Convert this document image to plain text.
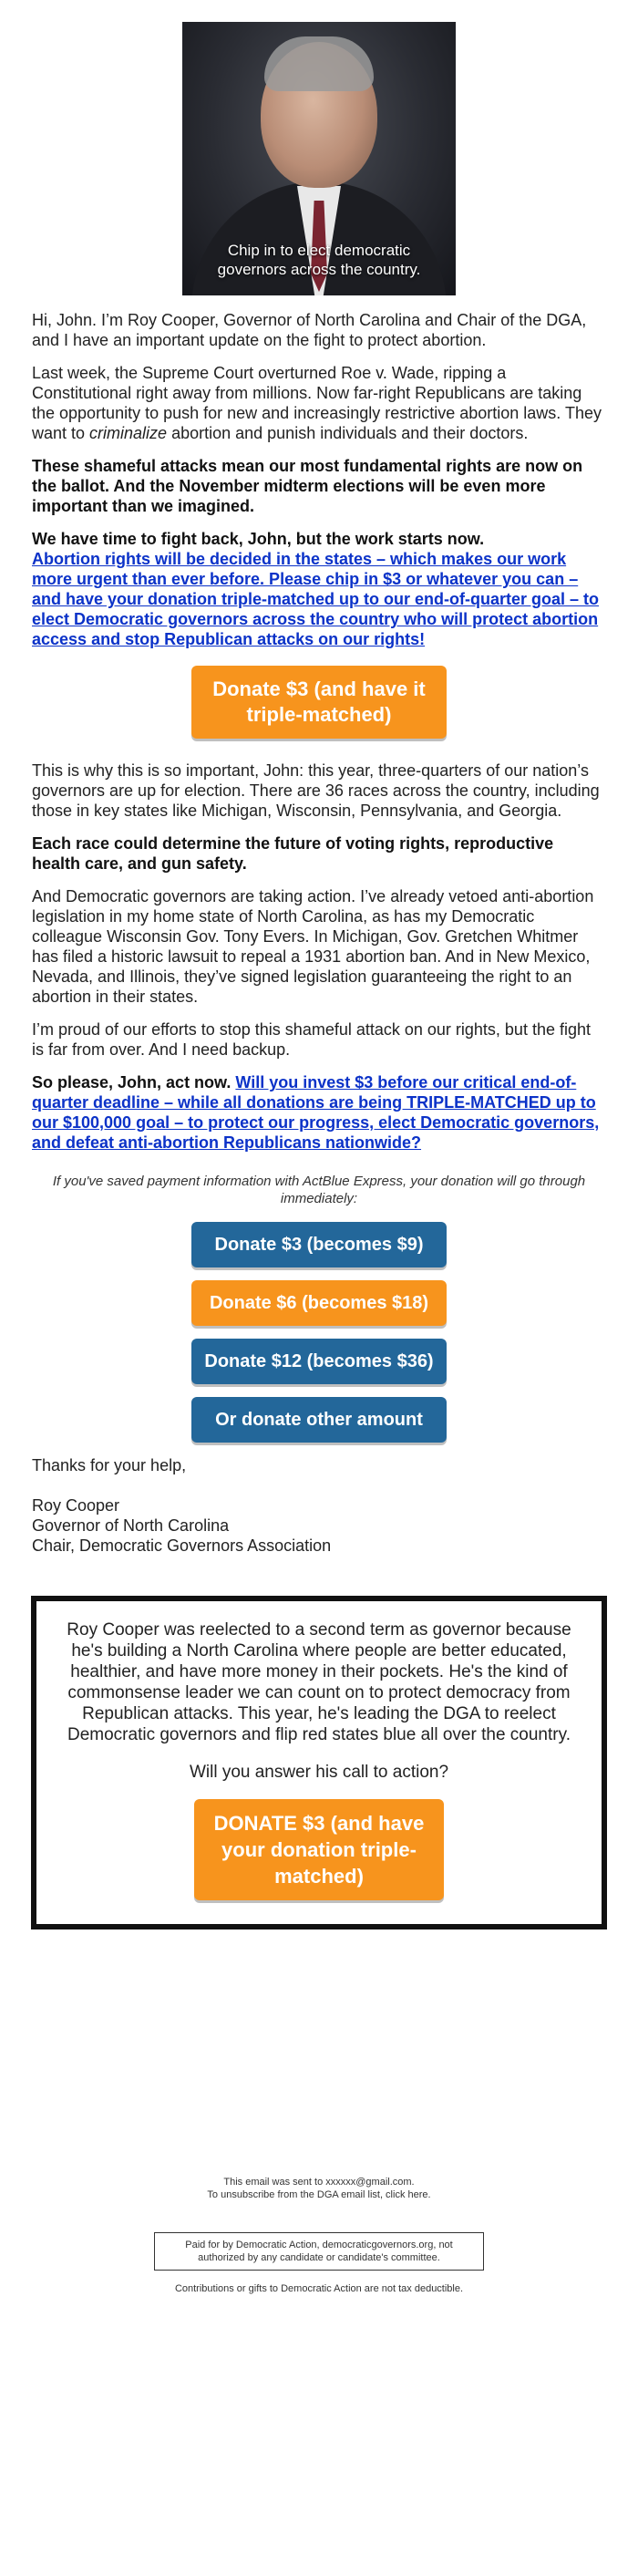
Chip in to elect democratic
governors across the country.

Hi, John. I’m Roy Cooper, Governor of North Carolina and Chair of the DGA, and I have an important update on the fight to protect abortion.

Last week, the Supreme Court overturned Roe v. Wade, ripping a Constitutional right away from millions. Now far-right Republicans are taking the opportunity to push for new and increasingly restrictive abortion laws. They want to criminalize abortion and punish individuals and their doctors.

These shameful attacks mean our most fundamental rights are now on the ballot. And the November midterm elections will be even more important than we imagined.

We have time to fight back, John, but the work starts now.
Abortion rights will be decided in the states – which makes our work more urgent than ever before. Please chip in $3 or whatever you can – and have your donation triple-matched up to our end-of-quarter goal – to elect Democratic governors across the country who will protect abortion access and stop Republican attacks on our rights!

Donate $3 (and have it triple-matched)

This is why this is so important, John: this year, three-quarters of our nation’s governors are up for election. There are 36 races across the country, including those in key states like Michigan, Wisconsin, Pennsylvania, and Georgia.

Each race could determine the future of voting rights, reproductive health care, and gun safety.

And Democratic governors are taking action. I’ve already vetoed anti-abortion legislation in my home state of North Carolina, as has my Democratic colleague Wisconsin Gov. Tony Evers. In Michigan, Gov. Gretchen Whitmer has filed a historic lawsuit to repeal a 1931 abortion ban. And in New Mexico, Nevada, and Illinois, they’ve signed legislation guaranteeing the right to an abortion in their states.

I’m proud of our efforts to stop this shameful attack on our rights, but the fight is far from over. And I need backup.

So please, John, act now. Will you invest $3 before our critical end-of-quarter deadline – while all donations are being TRIPLE-MATCHED up to our $100,000 goal – to protect our progress, elect Democratic governors, and defeat anti-abortion Republicans nationwide?

If you've saved payment information with ActBlue Express, your donation will go through immediately:
Donate $3 (becomes $9)
Donate $6 (becomes $18)
Donate $12 (becomes $36)
Or donate other amount

Thanks for your help,

Roy Cooper

Governor of North Carolina

Chair, Democratic Governors Association

Roy Cooper was reelected to a second term as governor because he's building a North Carolina where people are better educated, healthier, and have more money in their pockets. He's the kind of commonsense leader we can count on to protect democracy from Republican attacks. This year, he's leading the DGA to reelect Democratic governors and flip red states blue all over the country.

Will you answer his call to action?

DONATE $3 (and have your donation triple-matched)
This email was sent to xxxxxx@gmail.com.
To unsubscribe from the DGA email list, click here.
Paid for by Democratic Action, democraticgovernors.org, not authorized by any candidate or candidate's committee.
Contributions or gifts to Democratic Action are not tax deductible.
